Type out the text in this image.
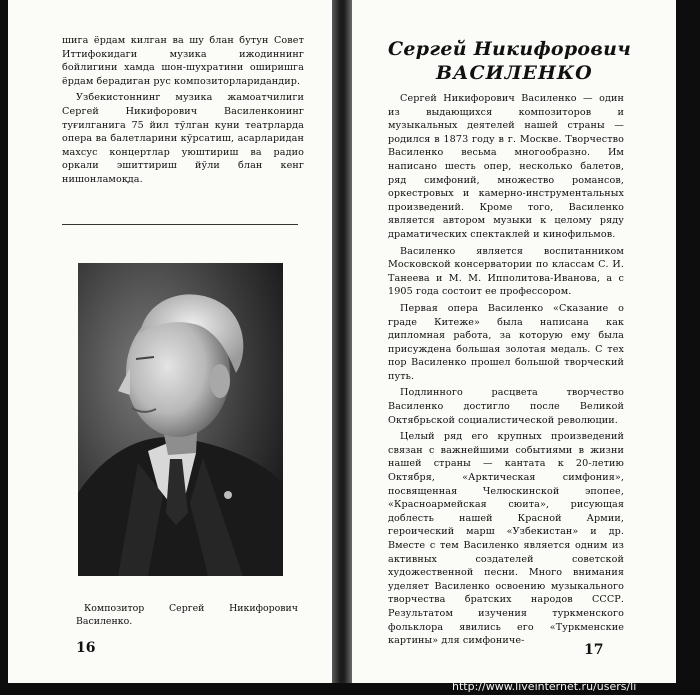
шига ёрдам килган ва шу блан бутун Совет Иттифокидаги музика ижодиннинг бойлигини хамда шон-шухратини оширишга ёрдам берадиган рус композиторларидандир.

Узбекистоннинг музика жамоатчилиги Сергей Никифорович Василенконинг туғилганига 75 йил тўлган куни театрларда опера ва балетларини кўрсатиш, асарларидан махсус концертлар уюштириш ва радио оркали эшиттириш йўли блан кенг нишонламоқда.

Композитор Сергей Никифорович Василенко.
16
Сергей Никифорович
ВАСИЛЕНКО

Сергей Никифорович Василенко — один из выдающихся композиторов и музыкальных деятелей нашей страны — родился в 1873 году в г. Москве. Творчество Василенко весьма многообразно. Им написано шесть опер, несколько балетов, ряд симфоний, множество романсов, оркестровых и камерно-инструментальных произведений. Кроме того, Василенко является автором музыки к целому ряду драматических спектаклей и кинофильмов.

Василенко является воспитанником Московской консерватории по классам С. И. Танеева и М. М. Ипполитова-Иванова, а с 1905 года состоит ее профессором.

Первая опера Василенко «Сказание о граде Китеже» была написана как дипломная работа, за которую ему была присуждена большая золотая медаль. С тех пор Василенко прошел большой творческий путь.

Подлинного расцвета творчество Василенко достигло после Великой Октябрьской социалистической революции.

Целый ряд его крупных произведений связан с важнейшими событиями в жизни нашей страны — кантата к 20-летию Октября, «Арктическая симфония», посвященная Челюскинской эпопее, «Красноармейская сюита», рисующая доблесть нашей Красной Армии, героический марш «Узбекистан» и др. Вместе с тем Василенко является одним из активных создателей советской художественной песни. Много внимания уделяет Василенко освоению музыкального творчества братских народов СССР. Результатом изучения туркменского фольклора явились его «Туркменские картины» для симфониче-

17
http://www.liveinternet.ru/users/li
